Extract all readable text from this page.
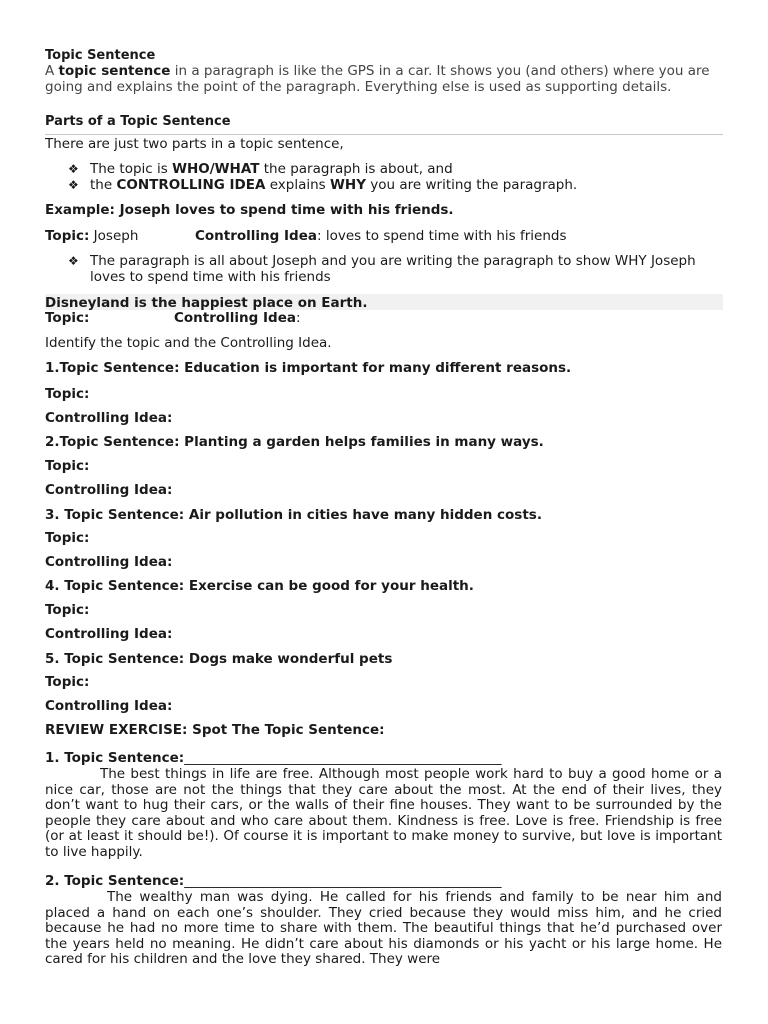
Topic Sentence
A topic sentence in a paragraph is like the GPS in a car. It shows you (and others) where you are going and explains the point of the paragraph. Everything else is used as supporting details.
Parts of a Topic Sentence
There are just two parts in a topic sentence,
❖ The topic is WHO/WHAT the paragraph is about, and
❖ the CONTROLLING IDEA explains WHY you are writing the paragraph.
Example: Joseph loves to spend time with his friends.
Topic: Joseph	Controlling Idea: loves to spend time with his friends
❖ The paragraph is all about Joseph and you are writing the paragraph to show WHY Joseph loves to spend time with his friends
Disneyland is the happiest place on Earth.
Topic:	Controlling Idea:
Identify the topic and the Controlling Idea.
1.Topic Sentence: Education is important for many different reasons.
Topic:
Controlling Idea:
2.Topic Sentence: Planting a garden helps families in many ways.
Topic:
Controlling Idea:
3. Topic Sentence: Air pollution in cities have many hidden costs.
Topic:
Controlling Idea:
4. Topic Sentence: Exercise can be good for your health.
Topic:
Controlling Idea:
5. Topic Sentence: Dogs make wonderful pets
Topic:
Controlling Idea:
REVIEW EXERCISE: Spot The Topic Sentence:
1. Topic Sentence:_______________________________________________
The best things in life are free. Although most people work hard to buy a good home or a nice car, those are not the things that they care about the most. At the end of their lives, they don’t want to hug their cars, or the walls of their fine houses. They want to be surrounded by the people they care about and who care about them. Kindness is free. Love is free. Friendship is free (or at least it should be!). Of course it is important to make money to survive, but love is important to live happily.
2. Topic Sentence:_______________________________________________
The wealthy man was dying. He called for his friends and family to be near him and placed a hand on each one’s shoulder. They cried because they would miss him, and he cried because he had no more time to share with them. The beautiful things that he’d purchased over the years held no meaning. He didn’t care about his diamonds or his yacht or his large home. He cared for his children and the love they shared. They were
